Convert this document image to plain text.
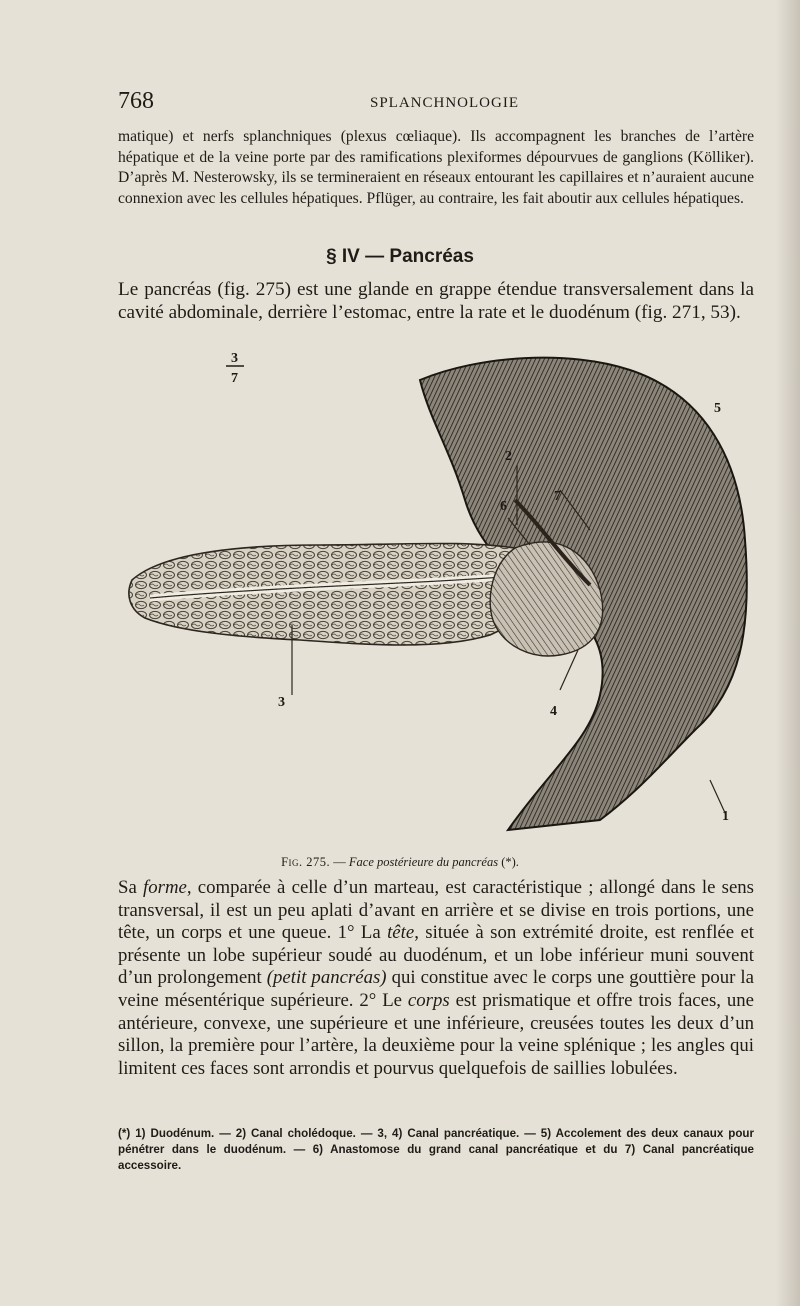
768	SPLANCHNOLOGIE

matique) et nerfs splanchniques (plexus cœliaque). Ils accompagnent les branches de l’artère hépatique et de la veine porte par des ramifications plexiformes dépourvues de ganglions (Kölliker). D’après M. Nesterowsky, ils se termineraient en réseaux entourant les capillaires et n’auraient aucune connexion avec les cellules hépatiques. Pflüger, au contraire, les fait aboutir aux cellules hépatiques.

§ IV — Pancréas

Le pancréas (fig. 275) est une glande en grappe étendue transversalement dans la cavité abdominale, derrière l’estomac, entre la rate et le duodénum (fig. 271, 53).

3
7
2
6
5
7
3
4
1

Fig. 275. — Face postérieure du pancréas (*).

Sa forme, comparée à celle d’un marteau, est caractéristique ; allongé dans le sens transversal, il est un peu aplati d’avant en arrière et se divise en trois portions, une tête, un corps et une queue. 1° La tête, située à son extrémité droite, est renflée et présente un lobe supérieur soudé au duodénum, et un lobe inférieur muni souvent d’un prolongement (petit pancréas) qui constitue avec le corps une gouttière pour la veine mésentérique supérieure. 2° Le corps est prismatique et offre trois faces, une antérieure, convexe, une supérieure et une inférieure, creusées toutes les deux d’un sillon, la première pour l’artère, la deuxième pour la veine splénique ; les angles qui limitent ces faces sont arrondis et pourvus quelquefois de saillies lobulées.

(*) 1) Duodénum. — 2) Canal cholédoque. — 3, 4) Canal pancréatique. — 5) Accolement des deux canaux pour pénétrer dans le duodénum. — 6) Anastomose du grand canal pancréatique et du 7) Canal pancréatique accessoire.
